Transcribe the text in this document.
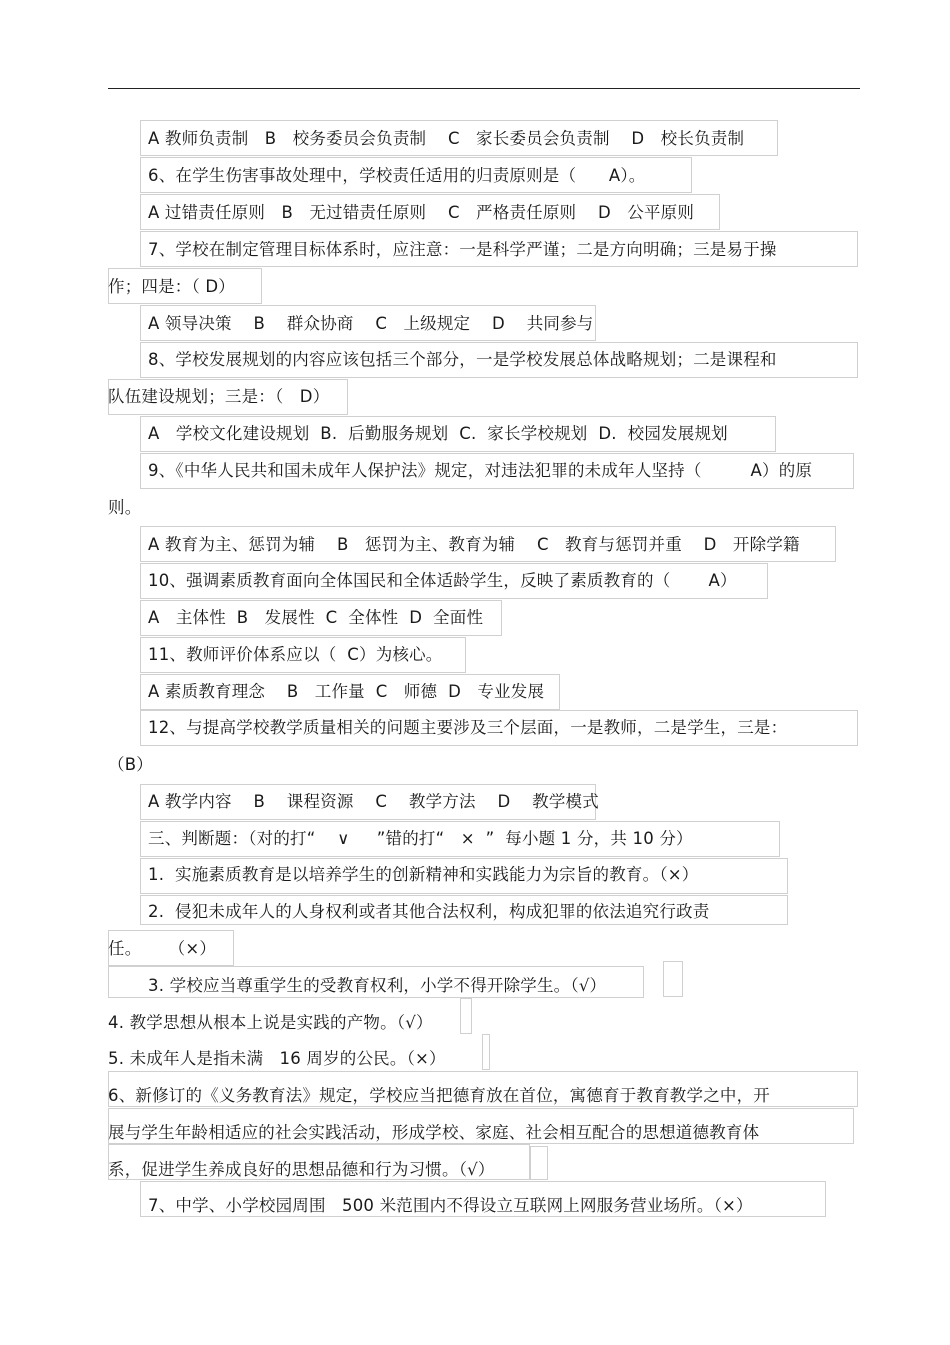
A 教师负责制   B   校务委员会负责制    C   家长委员会负责制    D   校长负责制
6、在学生伤害事故处理中，学校责任适用的归责原则是（      A）。
A 过错责任原则   B   无过错责任原则    C   严格责任原则    D   公平原则
7、学校在制定管理目标体系时，应注意：一是科学严谨；二是方向明确；三是易于操
作；四是：（ D）
A 领导决策    B    群众协商    C   上级规定    D    共同参与
8、学校发展规划的内容应该包括三个部分，一是学校发展总体战略规划；二是课程和
队伍建设规划；三是：（   D）
A   学校文化建设规划  B.  后勤服务规划  C.  家长学校规划  D.  校园发展规划
9、《中华人民共和国未成年人保护法》规定，对违法犯罪的未成年人坚持（         A）的原
则。
A 教育为主、惩罚为辅    B   惩罚为主、教育为辅    C   教育与惩罚并重    D   开除学籍
10、强调素质教育面向全体国民和全体适龄学生，反映了素质教育的（       A）
A   主体性  B   发展性  C  全体性  D  全面性
11、教师评价体系应以（  C）为核心。
A 素质教育理念    B   工作量  C   师德  D   专业发展
12、与提高学校教学质量相关的问题主要涉及三个层面，一是教师，二是学生，三是：
（B）
A 教学内容    B    课程资源    C    教学方法    D    教学模式
三、判断题：（对的打“    ∨     ”错的打“   ×  ”  每小题 1 分，共 10 分）
1.  实施素质教育是以培养学生的创新精神和实践能力为宗旨的教育。（×）
2.  侵犯未成年人的人身权利或者其他合法权利，构成犯罪的依法追究行政责
任。     （×）
3. 学校应当尊重学生的受教育权利，小学不得开除学生。（√）
4. 教学思想从根本上说是实践的产物。（√）
5. 未成年人是指未满   16 周岁的公民。（×）
6、新修订的《义务教育法》规定，学校应当把德育放在首位，寓德育于教育教学之中，开
展与学生年龄相适应的社会实践活动，形成学校、家庭、社会相互配合的思想道德教育体
系，促进学生养成良好的思想品德和行为习惯。（√）
7、中学、小学校园周围   500 米范围内不得设立互联网上网服务营业场所。（×）
